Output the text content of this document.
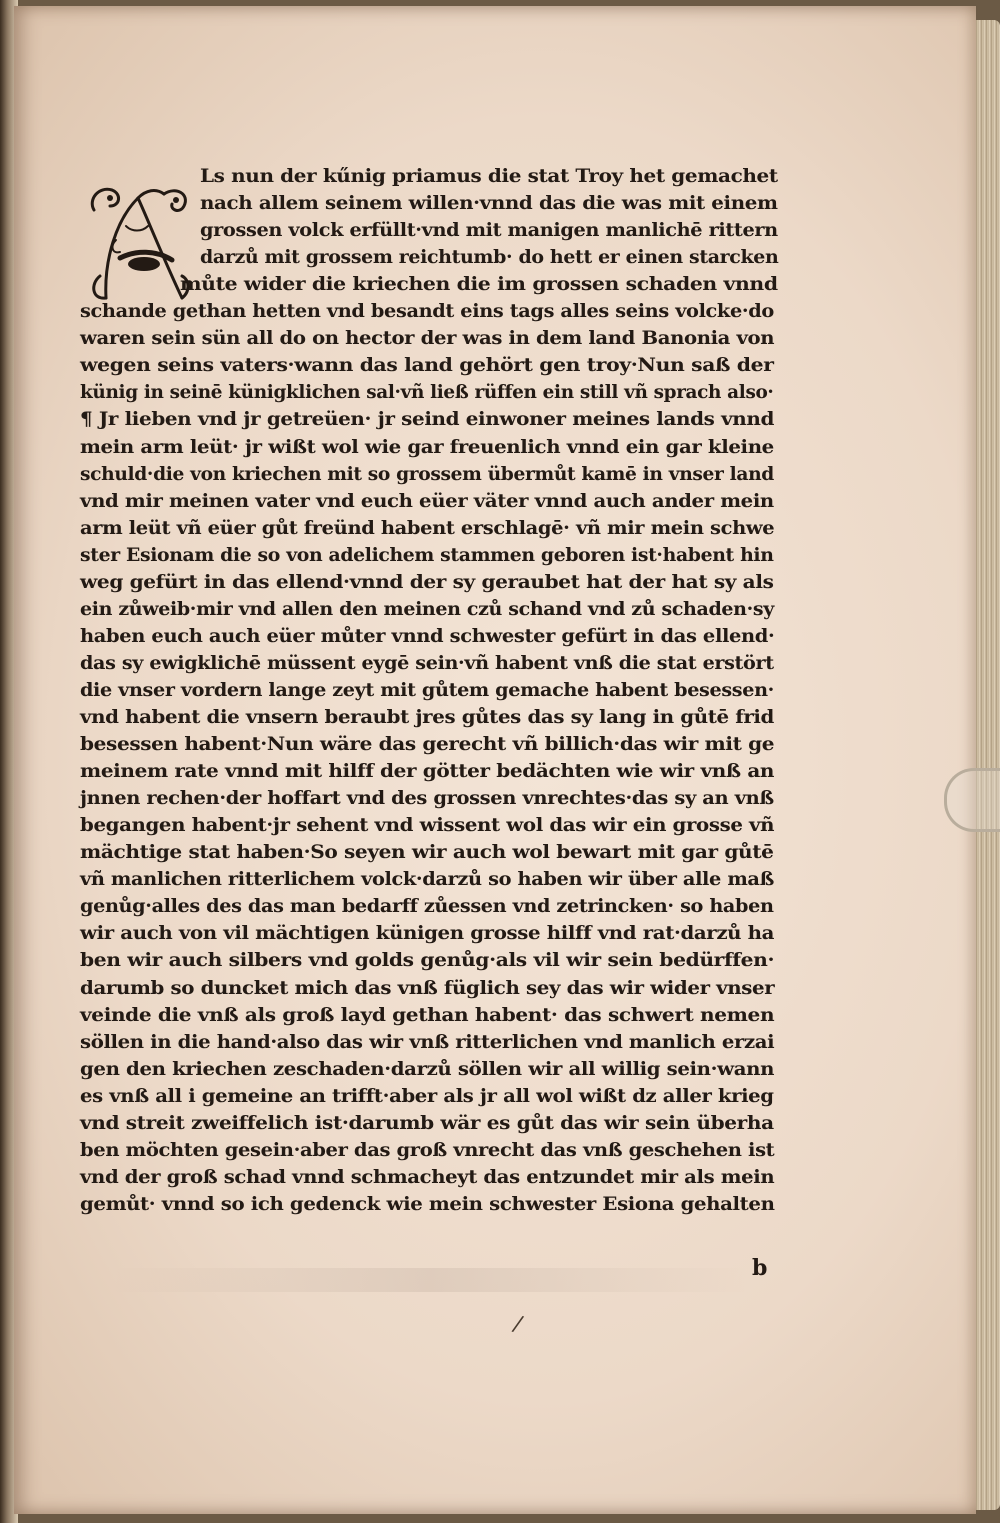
Ls nun der kűnig priamus die stat Troy het gemachet
nach allem seinem willen·vnnd das die was mit einem
grossen volck erfüllt·vnd mit manigen manlichē rittern
darzů mit grossem reichtumb· do hett er einen starcken
můte wider die kriechen die im grossen schaden vnnd
schande gethan hetten vnd besandt eins tags alles seins volcke·do
waren sein sün all do on hector der was in dem land Banonia von
wegen seins vaters·wann das land gehört gen troy·Nun saß der
künig in seinē künigklichen sal·vñ ließ rüffen ein still vñ sprach also·
¶ Jr lieben vnd jr getreüen· jr seind einwoner meines lands vnnd
mein arm leüt· jr wißt wol wie gar freuenlich vnnd ein gar kleine
schuld·die von kriechen mit so grossem übermůt kamē in vnser land
vnd mir meinen vater vnd euch eüer väter vnnd auch ander mein
arm leüt vñ eüer gůt freünd habent erschlagē· vñ mir mein schwe
ster Esionam die so von adelichem stammen geboren ist·habent hin
weg gefürt in das ellend·vnnd der sy geraubet hat der hat sy als
ein zůweib·mir vnd allen den meinen czů schand vnd zů schaden·sy
haben euch auch eüer můter vnnd schwester gefürt in das ellend·
das sy ewigklichē müssent eygē sein·vñ habent vnß die stat erstört
die vnser vordern lange zeyt mit gůtem gemache habent besessen·
vnd habent die vnsern beraubt jres gůtes das sy lang in gůtē frid
besessen habent·Nun wäre das gerecht vñ billich·das wir mit ge
meinem rate vnnd mit hilff der götter bedächten wie wir vnß an
jnnen rechen·der hoffart vnd des grossen vnrechtes·das sy an vnß
begangen habent·jr sehent vnd wissent wol das wir ein grosse vñ
mächtige stat haben·So seyen wir auch wol bewart mit gar gůtē
vñ manlichen ritterlichem volck·darzů so haben wir über alle maß
genůg·alles des das man bedarff zůessen vnd zetrincken· so haben
wir auch von vil mächtigen künigen grosse hilff vnd rat·darzů ha
ben wir auch silbers vnd golds genůg·als vil wir sein bedürffen·
darumb so duncket mich das vnß füglich sey das wir wider vnser
veinde die vnß als groß layd gethan habent· das schwert nemen
söllen in die hand·also das wir vnß ritterlichen vnd manlich erzai
gen den kriechen zeschaden·darzů söllen wir all willig sein·wann
es vnß all i gemeine an trifft·aber als jr all wol wißt dz aller krieg
vnd streit zweiffelich ist·darumb wär es gůt das wir sein überha
ben möchten gesein·aber das groß vnrecht das vnß geschehen ist
vnd der groß schad vnnd schmacheyt das entzundet mir als mein
gemůt· vnnd so ich gedenck wie mein schwester Esiona gehalten
b
/
